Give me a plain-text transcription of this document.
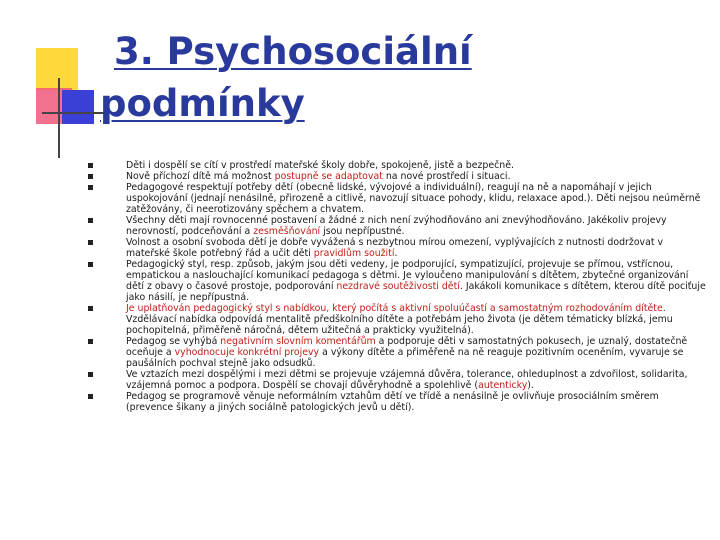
3. Psychosociální
podmínky
Děti i dospělí se cítí v prostředí mateřské školy dobře, spokojeně, jistě a bezpečně.
Nově příchozí dítě má možnost postupně se adaptovat na nové prostředí i situaci.
Pedagogové respektují potřeby dětí (obecně lidské, vývojové a individuální), reagují na ně a napomáhají v jejich uspokojování (jednají nenásilně, přirozeně a citlivě, navozují situace pohody, klidu, relaxace apod.). Děti nejsou neúměrně zatěžovány, či neerotizovány spěchem a chvatem.
Všechny děti mají rovnocenné postavení a žádné z nich není zvýhodňováno ani znevýhodňováno. Jakékoliv projevy nerovností, podceňování a zesměšňování jsou nepřípustné.
Volnost a osobní svoboda dětí je dobře vyvážená s nezbytnou mírou omezení, vyplývajících z nutnosti dodržovat v mateřské škole potřebný řád a učit děti pravidlům soužití.
Pedagogický styl, resp. způsob, jakým jsou děti vedeny, je podporující, sympatizující, projevuje se přímou, vstřícnou, empatickou a naslouchající komunikací pedagoga s dětmi. Je vyloučeno manipulování s dítětem, zbytečné organizování dětí z obavy o časové prostoje, podporování nezdravé soutěživosti dětí. Jakákoli komunikace s dítětem, kterou dítě pociťuje jako násilí, je nepřípustná.
Je uplatňován pedagogický styl s nabídkou, který počítá s aktivní spoluúčastí a samostatným rozhodováním dítěte. Vzdělávací nabídka odpovídá mentalitě předškolního dítěte a potřebám jeho života (je dětem tématicky blízká, jemu pochopitelná, přiměřeně náročná, dětem užitečná a prakticky využitelná).
Pedagog se vyhýbá negativním slovním komentářům a podporuje děti v samostatných pokusech, je uznalý, dostatečně oceňuje a vyhodnocuje konkrétní projevy a výkony dítěte a přiměřeně na ně reaguje pozitivním oceněním, vyvaruje se paušálních pochval stejně jako odsudků.
Ve vztazích mezi dospělými i mezi dětmi se projevuje vzájemná důvěra, tolerance, ohleduplnost a zdvořilost, solidarita, vzájemná pomoc a podpora. Dospělí se chovají důvěryhodně a spolehlivě (autenticky).
Pedagog se programově věnuje neformálním vztahům dětí ve třídě a nenásilně je ovlivňuje prosociálním směrem (prevence šikany a jiných sociálně patologických jevů u dětí).
